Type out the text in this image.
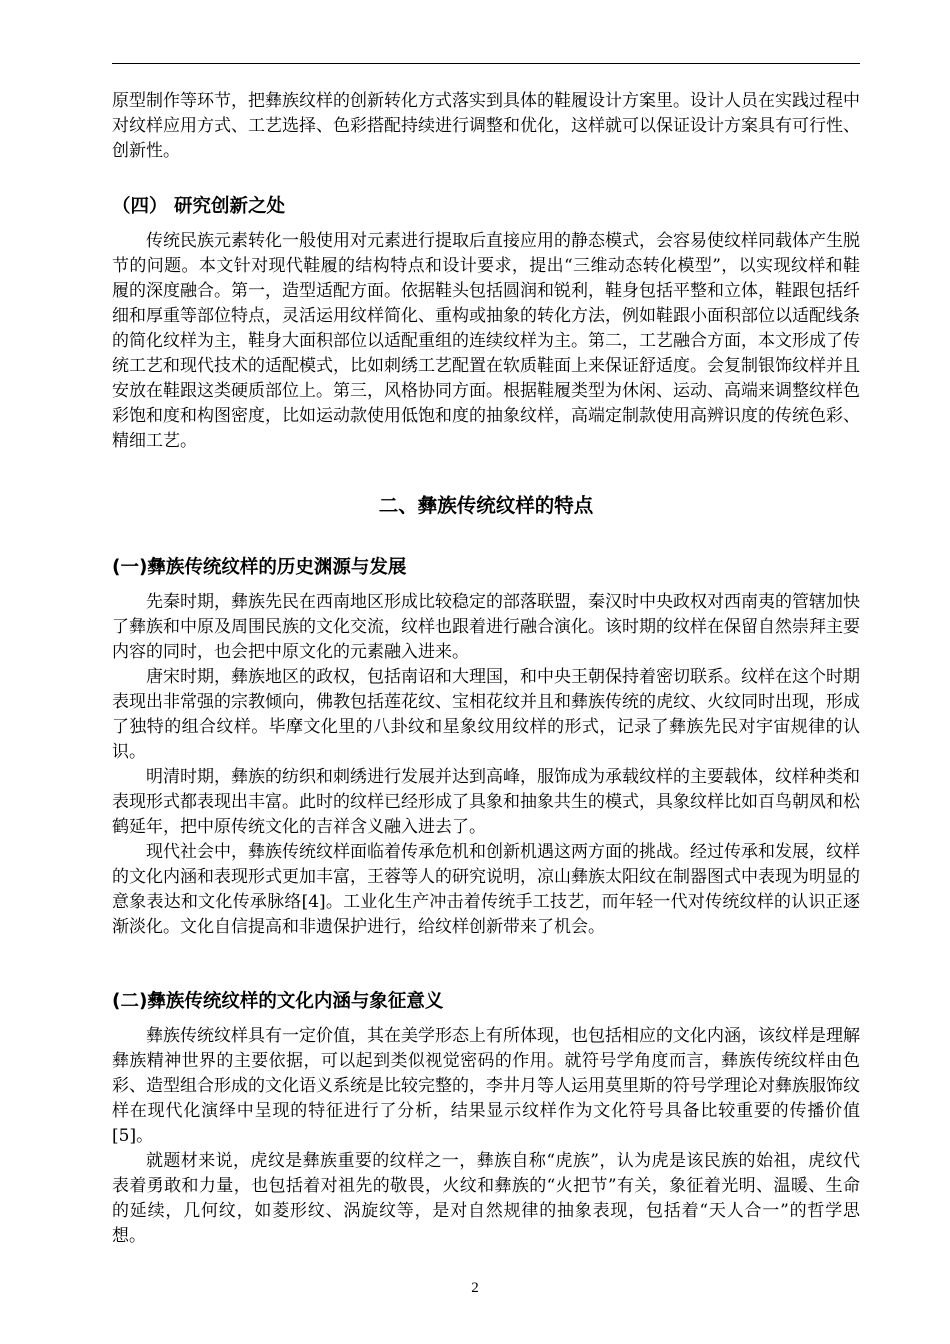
原型制作等环节，把彝族纹样的创新转化方式落实到具体的鞋履设计方案里。设计人员在实践过程中对纹样应用方式、工艺选择、色彩搭配持续进行调整和优化，这样就可以保证设计方案具有可行性、创新性。

（四） 研究创新之处

传统民族元素转化一般使用对元素进行提取后直接应用的静态模式，会容易使纹样同载体产生脱节的问题。本文针对现代鞋履的结构特点和设计要求，提出“三维动态转化模型”，以实现纹样和鞋履的深度融合。第一，造型适配方面。依据鞋头包括圆润和锐利，鞋身包括平整和立体，鞋跟包括纤细和厚重等部位特点，灵活运用纹样简化、重构或抽象的转化方法，例如鞋跟小面积部位以适配线条的简化纹样为主，鞋身大面积部位以适配重组的连续纹样为主。第二，工艺融合方面，本文形成了传统工艺和现代技术的适配模式，比如刺绣工艺配置在软质鞋面上来保证舒适度。会复制银饰纹样并且安放在鞋跟这类硬质部位上。第三，风格协同方面。根据鞋履类型为休闲、运动、高端来调整纹样色彩饱和度和构图密度，比如运动款使用低饱和度的抽象纹样，高端定制款使用高辨识度的传统色彩、精细工艺。

二、彝族传统纹样的特点
(一)彝族传统纹样的历史渊源与发展

先秦时期，彝族先民在西南地区形成比较稳定的部落联盟，秦汉时中央政权对西南夷的管辖加快了彝族和中原及周围民族的文化交流，纹样也跟着进行融合演化。该时期的纹样在保留自然崇拜主要内容的同时，也会把中原文化的元素融入进来。

唐宋时期，彝族地区的政权，包括南诏和大理国，和中央王朝保持着密切联系。纹样在这个时期表现出非常强的宗教倾向，佛教包括莲花纹、宝相花纹并且和彝族传统的虎纹、火纹同时出现，形成了独特的组合纹样。毕摩文化里的八卦纹和星象纹用纹样的形式，记录了彝族先民对宇宙规律的认识。

明清时期，彝族的纺织和刺绣进行发展并达到高峰，服饰成为承载纹样的主要载体，纹样种类和表现形式都表现出丰富。此时的纹样已经形成了具象和抽象共生的模式，具象纹样比如百鸟朝凤和松鹤延年，把中原传统文化的吉祥含义融入进去了。

现代社会中，彝族传统纹样面临着传承危机和创新机遇这两方面的挑战。经过传承和发展，纹样的文化内涵和表现形式更加丰富，王蓉等人的研究说明，凉山彝族太阳纹在制器图式中表现为明显的意象表达和文化传承脉络[4]。工业化生产冲击着传统手工技艺，而年轻一代对传统纹样的认识正逐渐淡化。文化自信提高和非遗保护进行，给纹样创新带来了机会。

(二)彝族传统纹样的文化内涵与象征意义

彝族传统纹样具有一定价值，其在美学形态上有所体现，也包括相应的文化内涵，该纹样是理解彝族精神世界的主要依据，可以起到类似视觉密码的作用。就符号学角度而言，彝族传统纹样由色彩、造型组合形成的文化语义系统是比较完整的，李井月等人运用莫里斯的符号学理论对彝族服饰纹样在现代化演绎中呈现的特征进行了分析，结果显示纹样作为文化符号具备比较重要的传播价值[5]。

就题材来说，虎纹是彝族重要的纹样之一，彝族自称“虎族”，认为虎是该民族的始祖，虎纹代表着勇敢和力量，也包括着对祖先的敬畏，火纹和彝族的“火把节”有关，象征着光明、温暖、生命的延续，几何纹，如菱形纹、涡旋纹等，是对自然规律的抽象表现，包括着“天人合一”的哲学思想。

2
